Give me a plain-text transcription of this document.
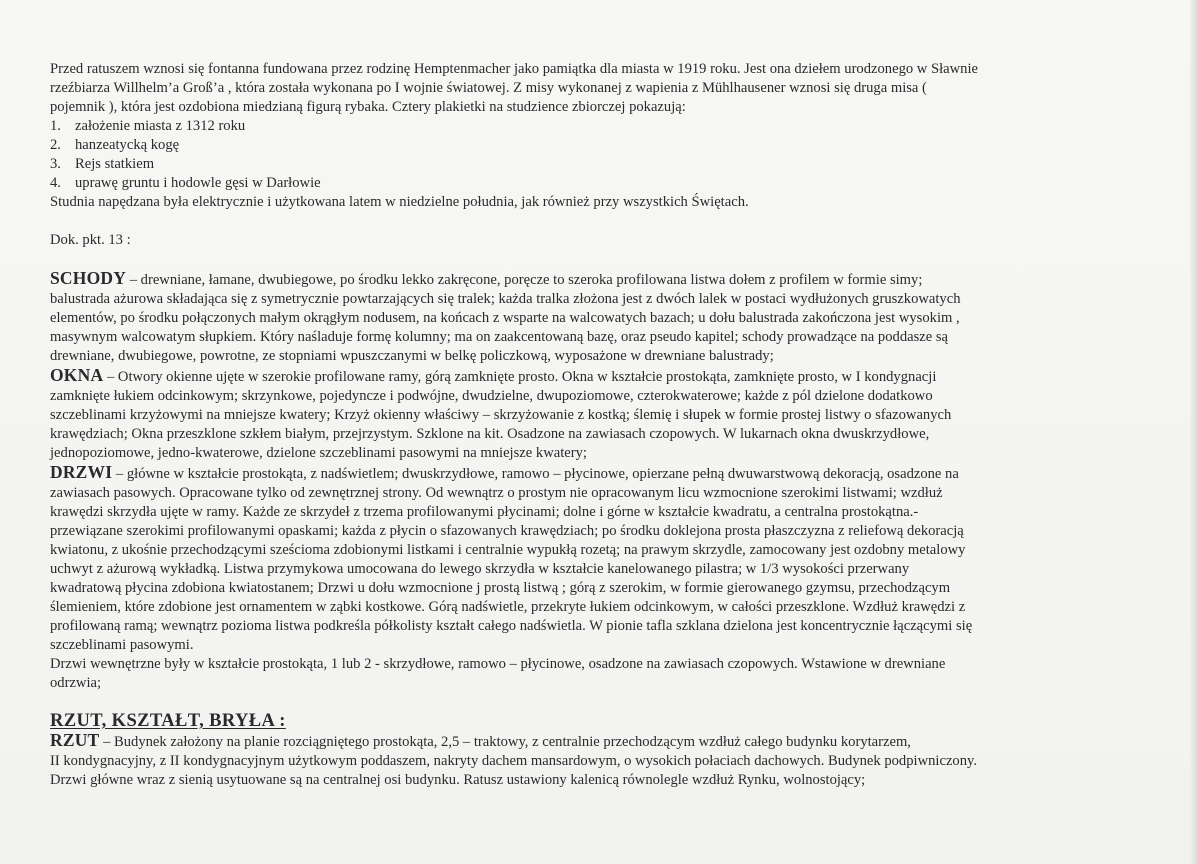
Przed ratuszem wznosi się fontanna fundowana przez rodzinę Hemptenmacher jako pamiątka dla miasta w 1919 roku. Jest ona dziełem urodzonego w Sławnie
rzeźbiarza Willhelm’a Groß’a , która została wykonana po I wojnie światowej. Z misy wykonanej z wapienia z Mühlhausener wznosi się druga misa (
pojemnik ), która jest ozdobiona miedzianą figurą rybaka. Cztery plakietki na studzience zbiorczej pokazują:
1. założenie miasta z 1312 roku
2. hanzeatycką kogę
3. Rejs statkiem
4. uprawę gruntu i hodowle gęsi w Darłowie
Studnia napędzana była elektrycznie i użytkowana latem w niedzielne południa, jak również przy wszystkich Świętach.
Dok. pkt. 13 :
SCHODY – drewniane, łamane, dwubiegowe, po środku lekko zakręcone, poręcze to szeroka profilowana listwa dołem z profilem w formie simy;
balustrada ażurowa składająca się z symetrycznie powtarzających się tralek; każda tralka złożona jest z dwóch lalek w postaci wydłużonych gruszkowatych
elementów, po środku połączonych małym okrągłym nodusem, na końcach z wsparte na walcowatych bazach; u dołu balustrada zakończona jest wysokim ,
masywnym walcowatym słupkiem. Który naśladuje formę kolumny; ma on zaakcentowaną bazę, oraz pseudo kapitel; schody prowadzące na poddasze są
drewniane, dwubiegowe, powrotne, ze stopniami wpuszczanymi w belkę policzkową, wyposażone w drewniane balustrady;
OKNA – Otwory okienne ujęte w szerokie profilowane ramy, górą zamknięte prosto. Okna w kształcie prostokąta, zamknięte prosto, w I kondygnacji
zamknięte łukiem odcinkowym; skrzynkowe, pojedyncze i podwójne, dwudzielne, dwupoziomowe, czterokwaterowe; każde z pól dzielone dodatkowo
szczeblinami krzyżowymi na mniejsze kwatery; Krzyż okienny właściwy – skrzyżowanie z kostką; ślemię i słupek w formie prostej listwy o sfazowanych
krawędziach; Okna przeszklone szkłem białym, przejrzystym. Szklone na kit. Osadzone na zawiasach czopowych. W lukarnach okna dwuskrzydłowe,
jednopoziomowe, jedno-kwaterowe, dzielone szczeblinami pasowymi na mniejsze kwatery;
DRZWI – główne w kształcie prostokąta, z nadświetlem; dwuskrzydłowe, ramowo – płycinowe, opierzane pełną dwuwarstwową dekoracją, osadzone na
zawiasach pasowych. Opracowane tylko od zewnętrznej strony. Od wewnątrz o prostym nie opracowanym licu wzmocnione szerokimi listwami; wzdłuż
krawędzi skrzydła ujęte w ramy. Każde ze skrzydeł z trzema profilowanymi płycinami; dolne i górne w kształcie kwadratu, a centralna prostokątna.-
przewiązane szerokimi profilowanymi opaskami; każda z płycin o sfazowanych krawędziach; po środku doklejona prosta płaszczyzna z reliefową dekoracją
kwiatonu, z ukośnie przechodzącymi sześcioma zdobionymi listkami i centralnie wypukłą rozetą; na prawym skrzydle, zamocowany jest ozdobny metalowy
uchwyt z ażurową wykładką. Listwa przymykowa umocowana do lewego skrzydła w kształcie kanelowanego pilastra; w 1/3 wysokości przerwany
kwadratową płycina zdobiona kwiatostanem; Drzwi u dołu wzmocnione j prostą listwą ; górą z szerokim, w formie gierowanego gzymsu, przechodzącym
ślemieniem, które zdobione jest ornamentem w ząbki kostkowe. Górą nadświetle, przekryte łukiem odcinkowym, w całości przeszklone. Wzdłuż krawędzi z
profilowaną ramą; wewnątrz pozioma listwa podkreśla półkolisty kształt całego nadświetla. W pionie tafla szklana dzielona jest koncentrycznie łączącymi się
szczeblinami pasowymi.
Drzwi wewnętrzne były w kształcie prostokąta, 1 lub 2 - skrzydłowe, ramowo – płycinowe, osadzone na zawiasach czopowych. Wstawione w drewniane
odrzwia;
RZUT, KSZTAŁT, BRYŁA :
RZUT – Budynek założony na planie rozciągniętego prostokąta, 2,5 – traktowy, z centralnie przechodzącym wzdłuż całego budynku korytarzem,
II kondygnacyjny, z II kondygnacyjnym użytkowym poddaszem, nakryty dachem mansardowym, o wysokich połaciach dachowych. Budynek podpiwniczony.
Drzwi główne wraz z sienią usytuowane są na centralnej osi budynku. Ratusz ustawiony kalenicą równolegle wzdłuż Rynku, wolnostojący;
